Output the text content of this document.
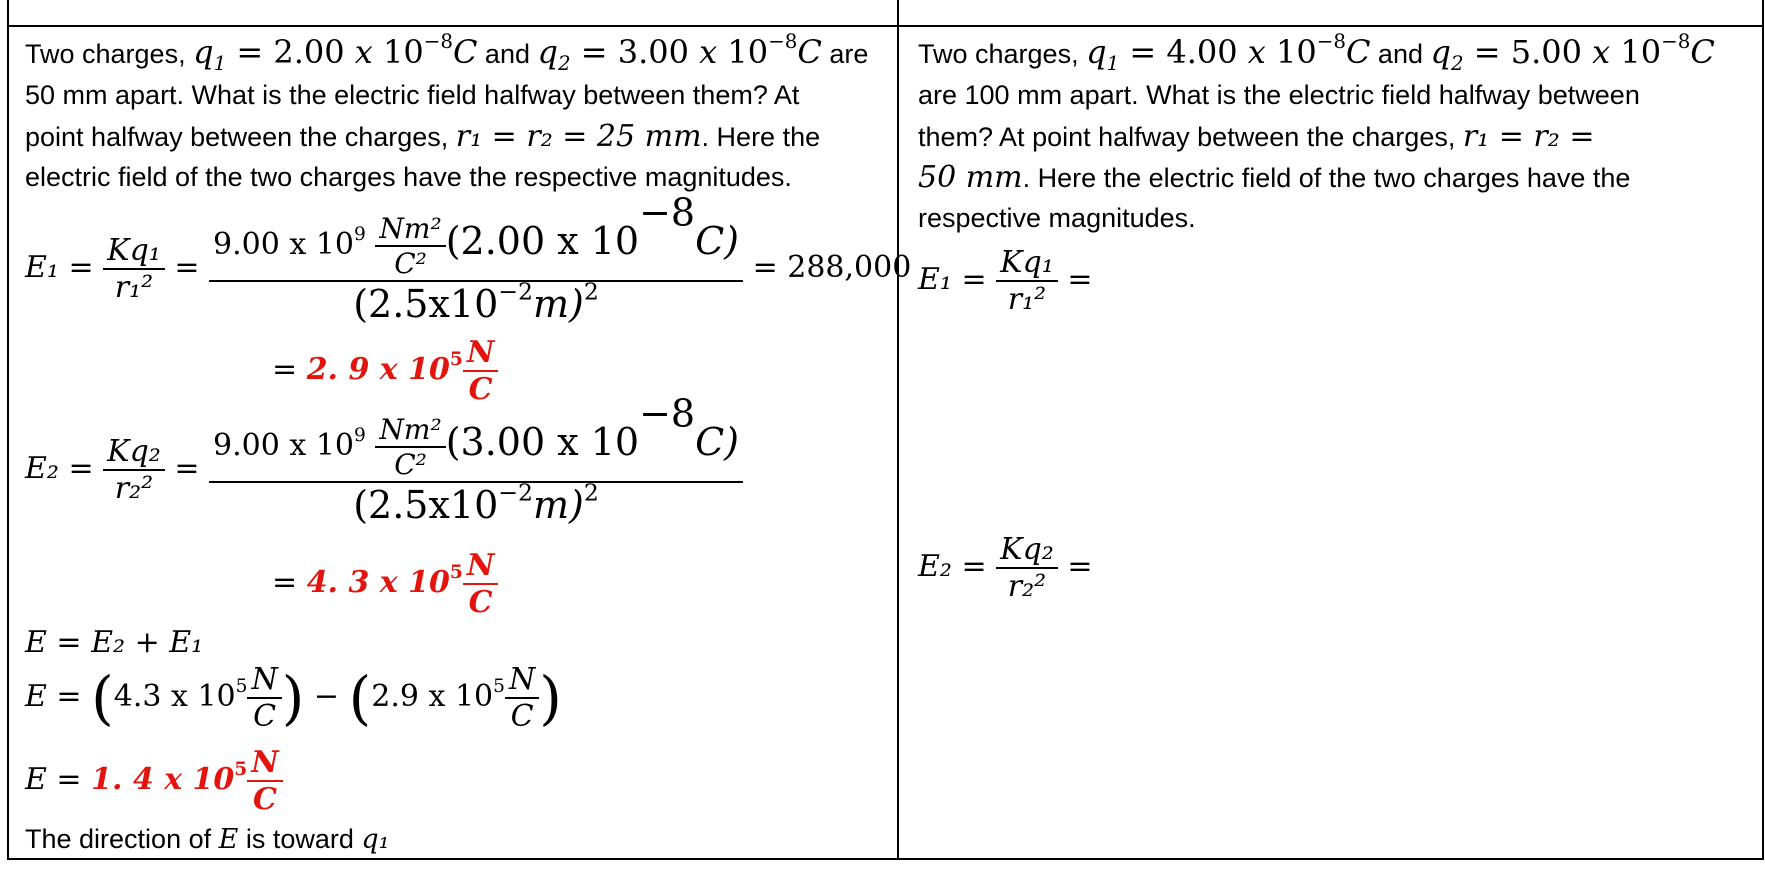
Two charges, $q_1 = 2.00$ x $10^{-8}C$ and $q_2 = 3.00$ x $10^{-8}C$ are
50 mm apart. What is the electric field halfway between them? At
point halfway between the charges, r₁ = r₂ = 25 mm. Here the
electric field of the two charges have the respective magnitudes.
$E_1 = \frac{\text{Kq₁}}{\text{r₁²}} = \frac{9.00 x 10^9 \frac{\text{Nm²}}{\text{C²}} (2.00 x 10^{-8}C)}{(2.5x10^{-2}m)^2} = 288,000$
= 2. 9 x $10^5 \frac{N}{C}$
$E_2 = \frac{\text{Kq₂}}{\text{r₂²}} = \frac{9.00 x 10^9 \frac{\text{Nm²}}{\text{C²}} (3.00 x 10^{-8}C)}{(2.5x10^{-2}m)^2}$
= 4. 3 x $10^5 \frac{N}{C}$
E = E₂ + E₁
E = (4.3 x $10^5 \frac{N}{C}$ ) − (2.9 x $10^5 \frac{N}{C}$ )
E = 1. 4 x $10^5 \frac{N}{C}$
The direction of E is toward q₁
Two charges, $q_1 = 4.00$ x $10^{-8}C$ and $q_2 = 5.00$ x $10^{-8}C$
are 100 mm apart. What is the electric field halfway between
them? At point halfway between the charges, r₁ = r₂ =
50 mm. Here the electric field of the two charges have the
respective magnitudes.
$E_1 = \frac{\text{Kq₁}}{\text{r₁²}}$ =
$E_2 = \frac{\text{Kq₂}}{\text{r₂²}}$ =
